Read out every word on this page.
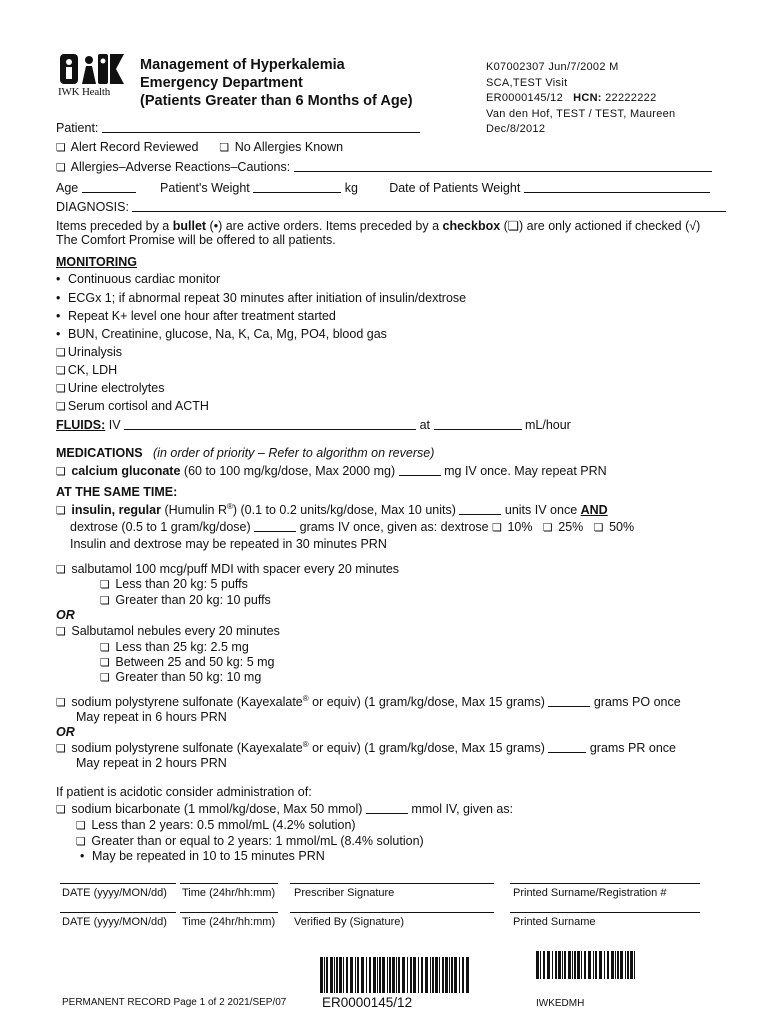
IWK Health
Management of Hyperkalemia
Emergency Department
(Patients Greater than 6 Months of Age)
K07002307 Jun/7/2002 M
SCA,TEST Visit
ER0000145/12 HCN: 22222222
Van den Hof, TEST / TEST, Maureen
Dec/8/2012
Patient:
❏ Alert Record Reviewed ❏ No Allergies Known
❏ Allergies–Adverse Reactions–Cautions:
Age	Patient's Weight	kg	Date of Patients Weight
DIAGNOSIS:
Items preceded by a bullet (•) are active orders. Items preceded by a checkbox (❏) are only actioned if checked (√)
The Comfort Promise will be offered to all patients.
MONITORING
• Continuous cardiac monitor
• ECGx 1; if abnormal repeat 30 minutes after initiation of insulin/dextrose
• Repeat K+ level one hour after treatment started
• BUN, Creatinine, glucose, Na, K, Ca, Mg, PO4, blood gas
❏ Urinalysis
❏ CK, LDH
❏ Urine electrolytes
❏ Serum cortisol and ACTH
FLUIDS: IV	at	mL/hour
MEDICATIONS (in order of priority – Refer to algorithm on reverse)
❏ calcium gluconate (60 to 100 mg/kg/dose, Max 2000 mg)	mg IV once. May repeat PRN
AT THE SAME TIME:
❏ insulin, regular (Humulin R®) (0.1 to 0.2 units/kg/dose, Max 10 units)	units IV once AND
dextrose (0.5 to 1 gram/kg/dose)	grams IV once, given as: dextrose ❏ 10% ❏ 25% ❏ 50%
Insulin and dextrose may be repeated in 30 minutes PRN
❏ salbutamol 100 mcg/puff MDI with spacer every 20 minutes
❏ Less than 20 kg: 5 puffs
❏ Greater than 20 kg: 10 puffs
OR
❏ Salbutamol nebules every 20 minutes
❏ Less than 25 kg: 2.5 mg
❏ Between 25 and 50 kg: 5 mg
❏ Greater than 50 kg: 10 mg
❏ sodium polystyrene sulfonate (Kayexalate® or equiv) (1 gram/kg/dose, Max 15 grams)	grams PO once
May repeat in 6 hours PRN
OR
❏ sodium polystyrene sulfonate (Kayexalate® or equiv) (1 gram/kg/dose, Max 15 grams)	grams PR once
May repeat in 2 hours PRN
If patient is acidotic consider administration of:
❏ sodium bicarbonate (1 mmol/kg/dose, Max 50 mmol)	mmol IV, given as:
❏ Less than 2 years: 0.5 mmol/mL (4.2% solution)
❏ Greater than or equal to 2 years: 1 mmol/mL (8.4% solution)
• May be repeated in 10 to 15 minutes PRN
DATE (yyyy/MON/dd) Time (24hr/hh:mm) Prescriber Signature	Printed Surname/Registration #
DATE (yyyy/MON/dd) Time (24hr/hh:mm) Verified By (Signature)	Printed Surname
PERMANENT RECORD Page 1 of 2 2021/SEP/07	ER0000145/12	IWKEDMH
